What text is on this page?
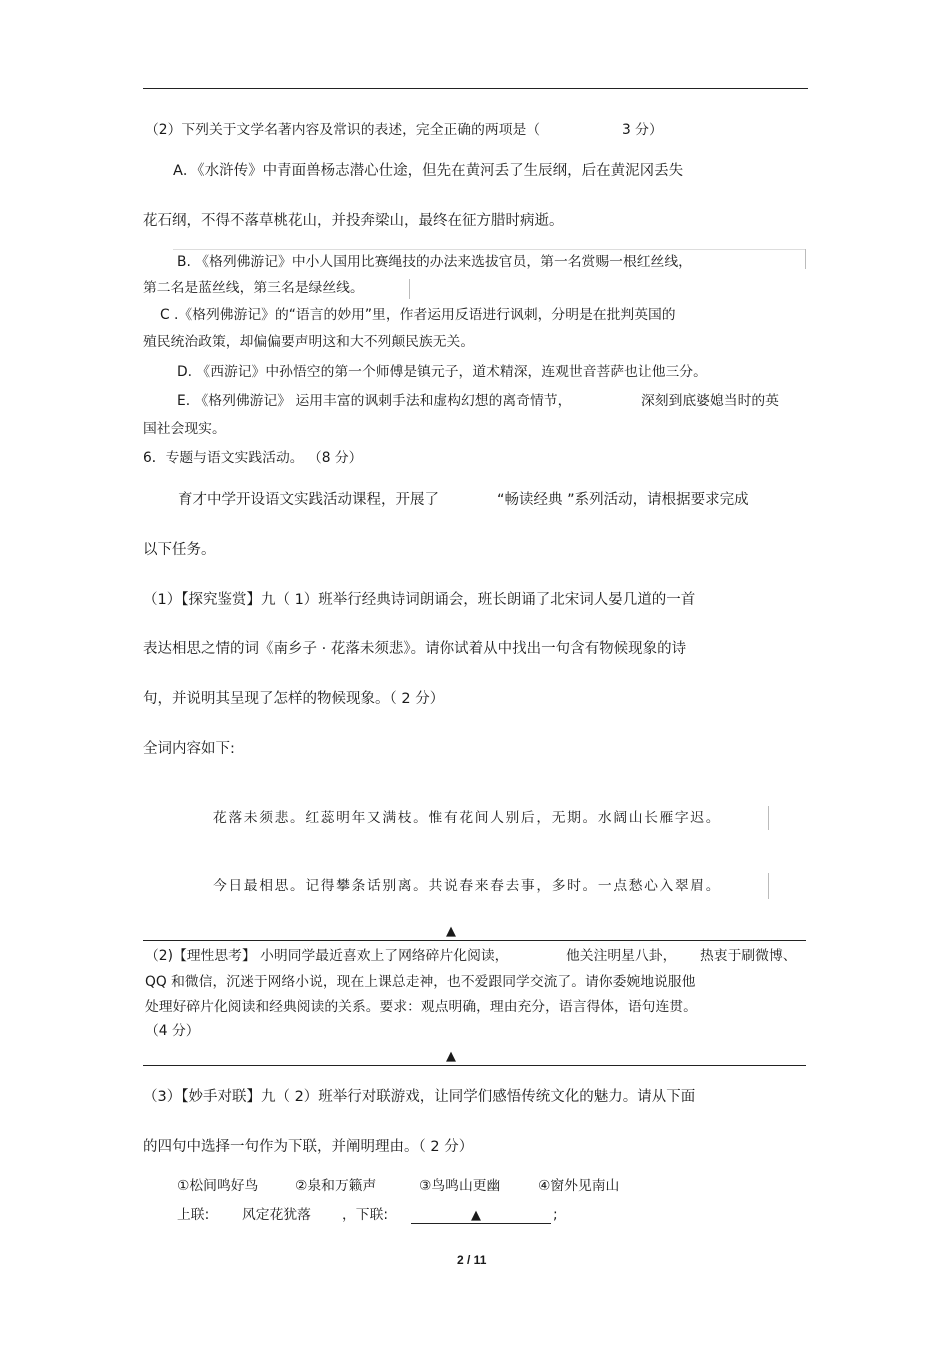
（2）下列关于文学名著内容及常识的表述，完全正确的两项是（	3 分）
A．《水浒传》中青面兽杨志潜心仕途，但先在黄河丢了生辰纲，后在黄泥冈丢失
花石纲，不得不落草桃花山，并投奔梁山，最终在征方腊时病逝。
B. 《格列佛游记》中小人国用比赛绳技的办法来选拔官员，第一名赏赐一根红丝线，
第二名是蓝丝线，第三名是绿丝线。
C .《格列佛游记》的“语言的妙用”里，作者运用反语进行讽刺，分明是在批判英国的
殖民统治政策，却偏偏要声明这和大不列颠民族无关。
D. 《西游记》中孙悟空的第一个师傅是镇元子，道术精深，连观世音菩萨也让他三分。
E. 《格列佛游记》 运用丰富的讽刺手法和虚构幻想的离奇情节，	深刻到底婆媳当时的英
国社会现实。
6．专题与语文实践活动。 （8 分）
育才中学开设语文实践活动课程，开展了	“畅读经典 ”系列活动，请根据要求完成
以下任务。
（1）【探究鉴赏】九（ 1）班举行经典诗词朗诵会，班长朗诵了北宋词人晏几道的一首
表达相思之情的词《南乡子 · 花落未须悲》。请你试着从中找出一句含有物候现象的诗
句，并说明其呈现了怎样的物候现象。（ 2 分）
全词内容如下:
花落未须悲。红蕊明年又满枝。惟有花间人别后，无期。水阔山长雁字迟。
今日最相思。记得攀条话别离。共说春来春去事，多时。一点愁心入翠眉。
▲
（2)【理性思考】 小明同学最近喜欢上了网络碎片化阅读，	他关注明星八卦， 热衷于刷微博、
QQ 和微信，沉迷于网络小说，现在上课总走神，也不爱跟同学交流了。请你委婉地说服他
处理好碎片化阅读和经典阅读的关系。要求：观点明确，理由充分，语言得体，语句连贯。
（4 分）
▲
（3）【妙手对联】九（ 2）班举行对联游戏，让同学们感悟传统文化的魅力。请从下面
的四句中选择一句作为下联，并阐明理由。（ 2 分）
①松间鸣好鸟	②泉和万籁声	③鸟鸣山更幽	④窗外见南山
上联: 风定花犹落 ，下联:	▲	;
2 / 11
